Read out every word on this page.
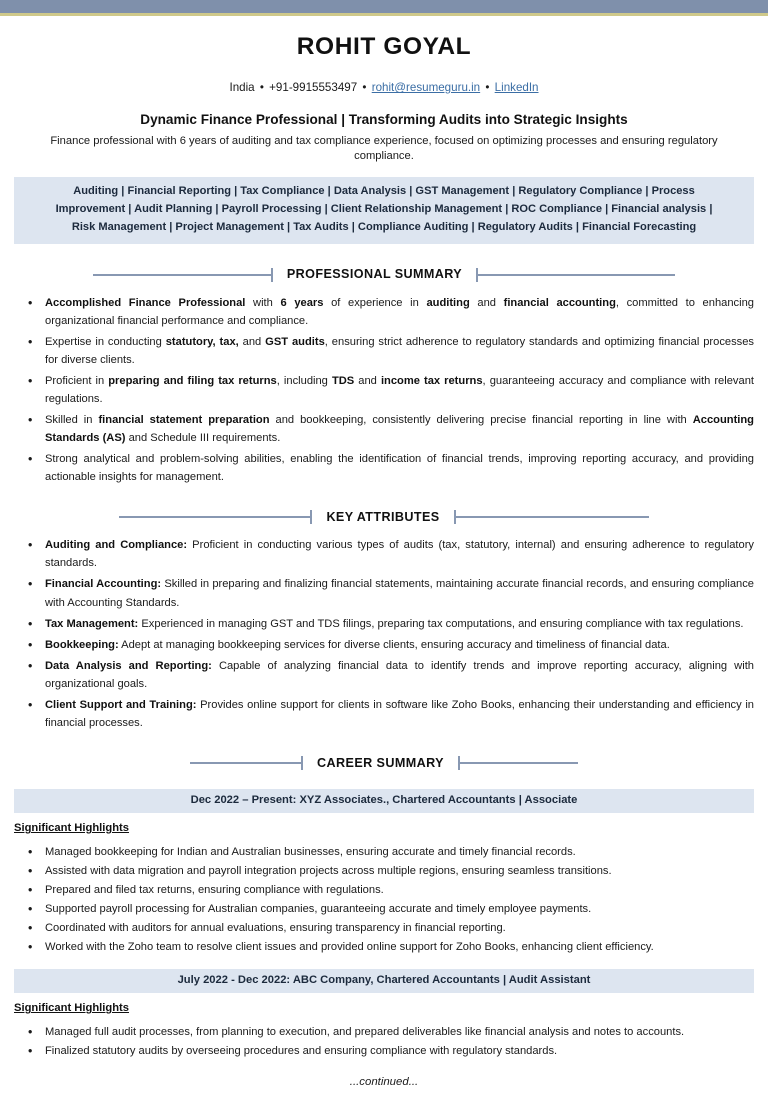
ROHIT GOYAL
India • +91-9915553497 • rohit@resumeguru.in • LinkedIn
Dynamic Finance Professional | Transforming Audits into Strategic Insights
Finance professional with 6 years of auditing and tax compliance experience, focused on optimizing processes and ensuring regulatory compliance.
Auditing | Financial Reporting | Tax Compliance | Data Analysis | GST Management | Regulatory Compliance | Process
Improvement | Audit Planning | Payroll Processing | Client Relationship Management | ROC Compliance | Financial analysis |
Risk Management | Project Management | Tax Audits | Compliance Auditing | Regulatory Audits | Financial Forecasting
PROFESSIONAL SUMMARY
• Accomplished Finance Professional with 6 years of experience in auditing and financial accounting, committed to enhancing organizational financial performance and compliance.
• Expertise in conducting statutory, tax, and GST audits, ensuring strict adherence to regulatory standards and optimizing financial processes for diverse clients.
• Proficient in preparing and filing tax returns, including TDS and income tax returns, guaranteeing accuracy and compliance with relevant regulations.
• Skilled in financial statement preparation and bookkeeping, consistently delivering precise financial reporting in line with Accounting Standards (AS) and Schedule III requirements.
• Strong analytical and problem-solving abilities, enabling the identification of financial trends, improving reporting accuracy, and providing actionable insights for management.
KEY ATTRIBUTES
• Auditing and Compliance: Proficient in conducting various types of audits (tax, statutory, internal) and ensuring adherence to regulatory standards.
• Financial Accounting: Skilled in preparing and finalizing financial statements, maintaining accurate financial records, and ensuring compliance with Accounting Standards.
• Tax Management: Experienced in managing GST and TDS filings, preparing tax computations, and ensuring compliance with tax regulations.
• Bookkeeping: Adept at managing bookkeeping services for diverse clients, ensuring accuracy and timeliness of financial data.
• Data Analysis and Reporting: Capable of analyzing financial data to identify trends and improve reporting accuracy, aligning with organizational goals.
• Client Support and Training: Provides online support for clients in software like Zoho Books, enhancing their understanding and efficiency in financial processes.
CAREER SUMMARY
Dec 2022 – Present: XYZ Associates., Chartered Accountants | Associate
Significant Highlights
• Managed bookkeeping for Indian and Australian businesses, ensuring accurate and timely financial records.
• Assisted with data migration and payroll integration projects across multiple regions, ensuring seamless transitions.
• Prepared and filed tax returns, ensuring compliance with regulations.
• Supported payroll processing for Australian companies, guaranteeing accurate and timely employee payments.
• Coordinated with auditors for annual evaluations, ensuring transparency in financial reporting.
• Worked with the Zoho team to resolve client issues and provided online support for Zoho Books, enhancing client efficiency.
July 2022 - Dec 2022: ABC Company, Chartered Accountants | Audit Assistant
Significant Highlights
• Managed full audit processes, from planning to execution, and prepared deliverables like financial analysis and notes to accounts.
• Finalized statutory audits by overseeing procedures and ensuring compliance with regulatory standards.
...continued...
